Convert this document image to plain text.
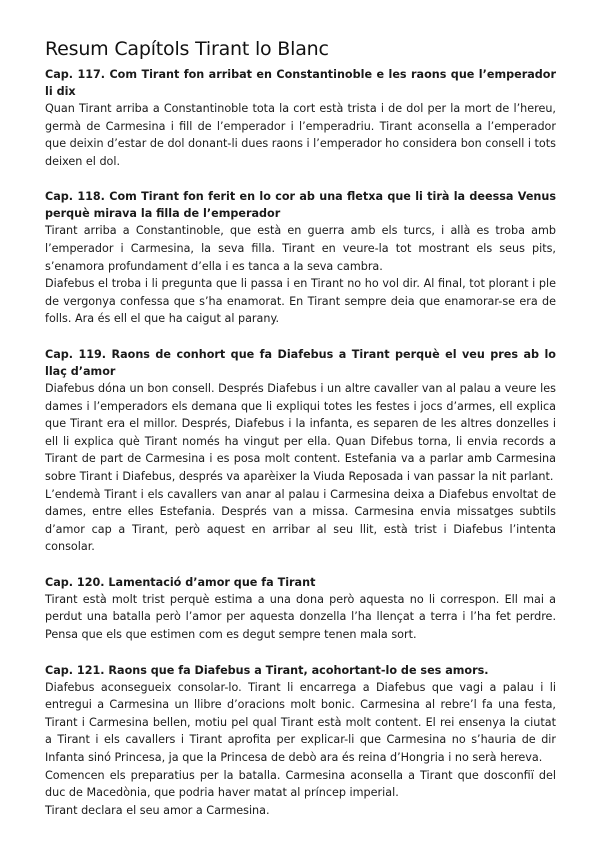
Resum Capítols Tirant lo Blanc
Cap. 117. Com Tirant fon arribat en Constantinoble e les raons que l’emperador li dix

Quan Tirant arriba a Constantinoble tota la cort està trista i de dol per la mort de l’hereu, germà de Carmesina i fill de l’emperador i l’emperadriu. Tirant aconsella a l’emperador que deixin d’estar de dol donant-li dues raons i l’emperador ho considera bon consell i tots deixen el dol.

Cap. 118. Com Tirant fon ferit en lo cor ab una fletxa que li tirà la deessa Venus perquè mirava la filla de l’emperador

Tirant arriba a Constantinoble, que està en guerra amb els turcs, i allà es troba amb l’emperador i Carmesina, la seva filla. Tirant en veure-la tot mostrant els seus pits, s’enamora profundament d’ella i es tanca a la seva cambra.

Diafebus el troba i li pregunta que li passa i en Tirant no ho vol dir. Al final, tot plorant i ple de vergonya confessa que s’ha enamorat. En Tirant sempre deia que enamorar-se era de folls. Ara és ell el que ha caigut al parany.

Cap. 119. Raons de conhort que fa Diafebus a Tirant perquè el veu pres ab lo llaç d’amor

Diafebus dóna un bon consell. Després Diafebus i un altre cavaller van al palau a veure les dames i l’emperadors els demana que li expliqui totes les festes i jocs d’armes, ell explica que Tirant era el millor. Després, Diafebus i la infanta, es separen de les altres donzelles i ell li explica què Tirant només ha vingut per ella. Quan Difebus torna, li envia records a Tirant de part de Carmesina i es posa molt content. Estefania va a parlar amb Carmesina sobre Tirant i Diafebus, després va aparèixer la Viuda Reposada i van passar la nit parlant.

L’endemà Tirant i els cavallers van anar al palau i Carmesina deixa a Diafebus envoltat de dames, entre elles Estefania. Després van a missa. Carmesina envia missatges subtils d’amor cap a Tirant, però aquest en arribar al seu llit, està trist i Diafebus l’intenta consolar.

Cap. 120. Lamentació d’amor que fa Tirant

Tirant està molt trist perquè estima a una dona però aquesta no li correspon. Ell mai a perdut una batalla però l’amor per aquesta donzella l’ha llençat a terra i l’ha fet perdre. Pensa que els que estimen com es degut sempre tenen mala sort.

Cap. 121. Raons que fa Diafebus a Tirant, acohortant-lo de ses amors.

Diafebus aconsegueix consolar-lo. Tirant li encarrega a Diafebus que vagi a palau i li entregui a Carmesina un llibre d’oracions molt bonic. Carmesina al rebre’l fa una festa, Tirant i Carmesina bellen, motiu pel qual Tirant està molt content. El rei ensenya la ciutat a Tirant i els cavallers i Tirant aprofita per explicar-li que Carmesina no s’hauria de dir Infanta sinó Princesa, ja que la Princesa de debò ara és reina d’Hongria i no serà hereva.

Comencen els preparatius per la batalla. Carmesina aconsella a Tirant que dosconfiï del duc de Macedònia, que podria haver matat al príncep imperial.

Tirant declara el seu amor a Carmesina.
